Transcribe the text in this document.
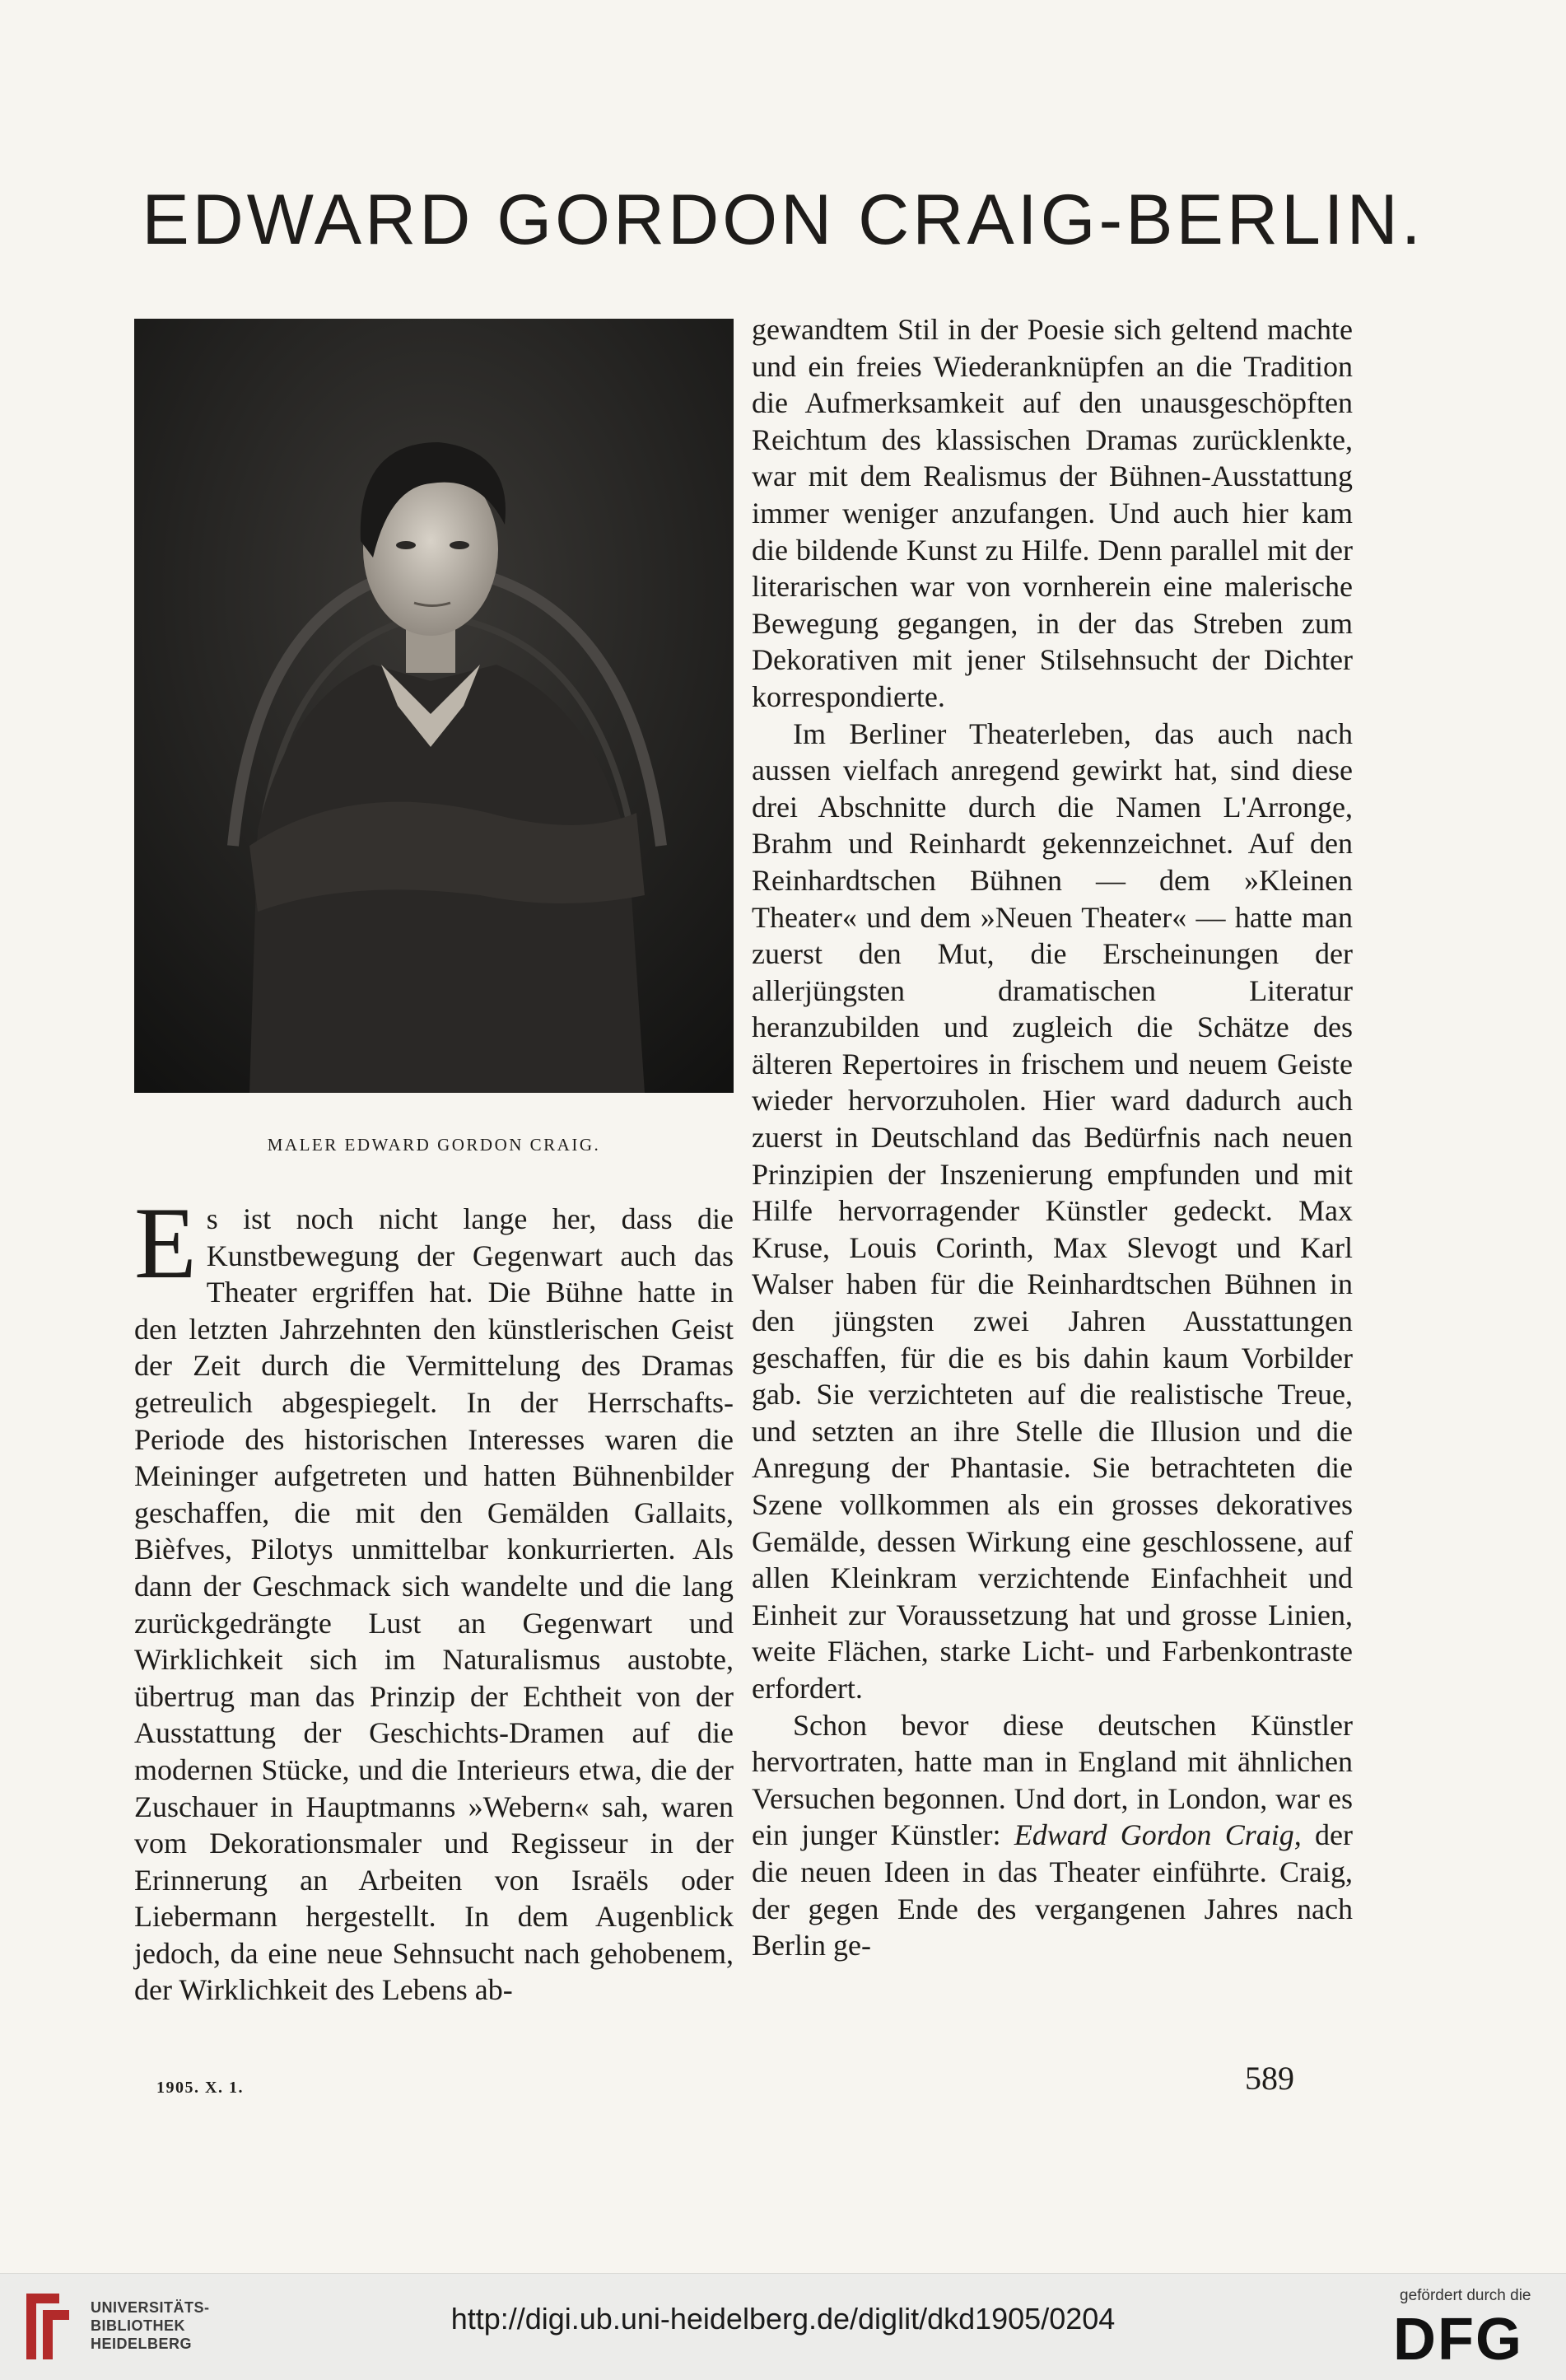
EDWARD GORDON CRAIG-BERLIN.
MALER EDWARD GORDON CRAIG.

Es ist noch nicht lange her, dass die Kunstbewegung der Gegenwart auch das Theater ergriffen hat. Die Bühne hatte in den letzten Jahrzehnten den künstlerischen Geist der Zeit durch die Vermittelung des Dramas getreulich abgespiegelt. In der Herrschafts-Periode des historischen Interesses waren die Meininger aufgetreten und hatten Bühnenbilder geschaffen, die mit den Gemälden Gallaits, Bièfves, Pilotys unmittelbar konkurrierten. Als dann der Geschmack sich wandelte und die lang zurückgedrängte Lust an Gegenwart und Wirklichkeit sich im Naturalismus austobte, übertrug man das Prinzip der Echtheit von der Ausstattung der Geschichts-Dramen auf die modernen Stücke, und die Interieurs etwa, die der Zuschauer in Hauptmanns »Webern« sah, waren vom Dekorationsmaler und Regisseur in der Erinnerung an Arbeiten von Israëls oder Liebermann hergestellt. In dem Augenblick jedoch, da eine neue Sehnsucht nach gehobenem, der Wirklichkeit des Lebens ab-

gewandtem Stil in der Poesie sich geltend machte und ein freies Wiederanknüpfen an die Tradition die Aufmerksamkeit auf den unausgeschöpften Reichtum des klassischen Dramas zurücklenkte, war mit dem Realismus der Bühnen-Ausstattung immer weniger anzufangen. Und auch hier kam die bildende Kunst zu Hilfe. Denn parallel mit der literarischen war von vornherein eine malerische Bewegung gegangen, in der das Streben zum Dekorativen mit jener Stilsehnsucht der Dichter korrespondierte.

Im Berliner Theaterleben, das auch nach aussen vielfach anregend gewirkt hat, sind diese drei Abschnitte durch die Namen L'Arronge, Brahm und Reinhardt gekennzeichnet. Auf den Reinhardtschen Bühnen — dem »Kleinen Theater« und dem »Neuen Theater« — hatte man zuerst den Mut, die Erscheinungen der allerjüngsten dramatischen Literatur heranzubilden und zugleich die Schätze des älteren Repertoires in frischem und neuem Geiste wieder hervorzuholen. Hier ward dadurch auch zuerst in Deutschland das Bedürfnis nach neuen Prinzipien der Inszenierung empfunden und mit Hilfe hervorragender Künstler gedeckt. Max Kruse, Louis Corinth, Max Slevogt und Karl Walser haben für die Reinhardtschen Bühnen in den jüngsten zwei Jahren Ausstattungen geschaffen, für die es bis dahin kaum Vorbilder gab. Sie verzichteten auf die realistische Treue, und setzten an ihre Stelle die Illusion und die Anregung der Phantasie. Sie betrachteten die Szene vollkommen als ein grosses dekoratives Gemälde, dessen Wirkung eine geschlossene, auf allen Kleinkram verzichtende Einfachheit und Einheit zur Voraussetzung hat und grosse Linien, weite Flächen, starke Licht- und Farbenkontraste erfordert.

Schon bevor diese deutschen Künstler hervortraten, hatte man in England mit ähnlichen Versuchen begonnen. Und dort, in London, war es ein junger Künstler: Edward Gordon Craig, der die neuen Ideen in das Theater einführte. Craig, der gegen Ende des vergangenen Jahres nach Berlin ge-

1905. X. 1.	589
UNIVERSITÄTS-
BIBLIOTHEK
HEIDELBERG
http://digi.ub.uni-heidelberg.de/diglit/dkd1905/0204
gefördert durch die
DFG
